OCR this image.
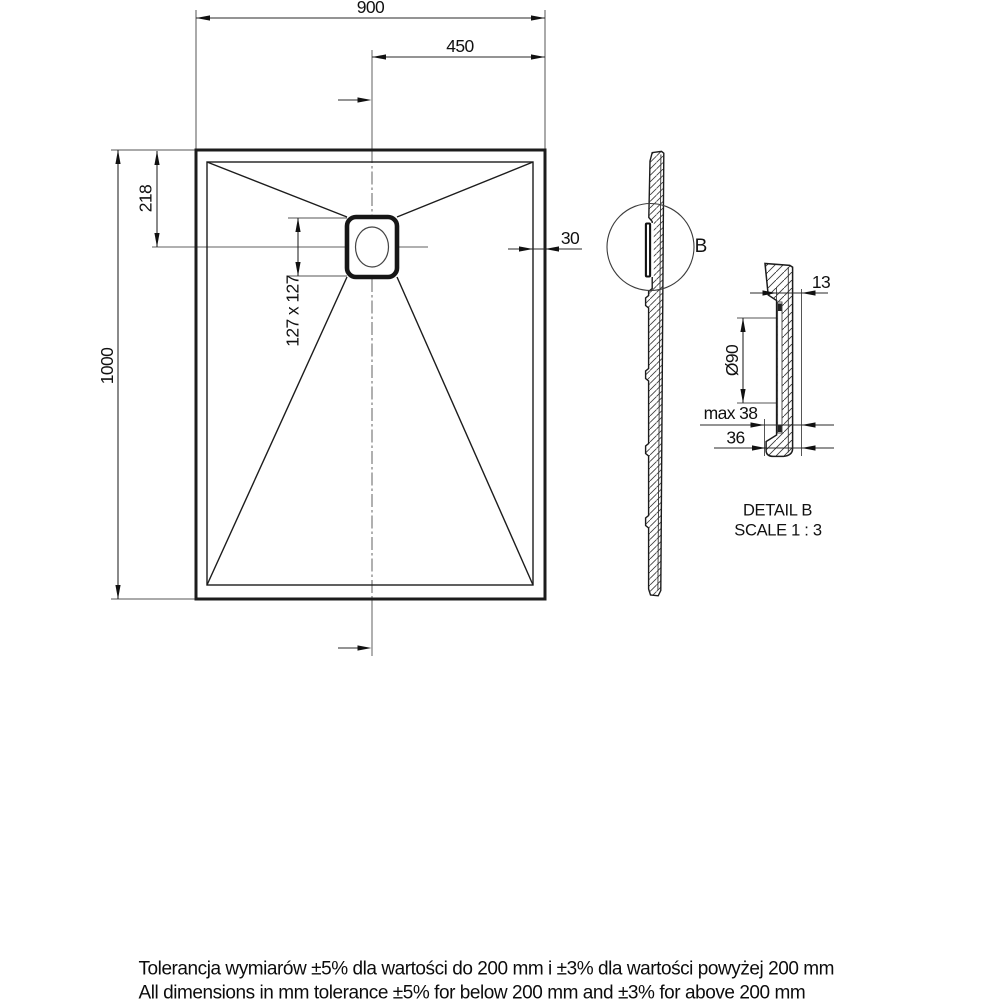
900
450
218
1000
127 x 127
30	B
13
Ø90
max 38
36
DETAIL B
SCALE 1 : 3
Tolerancja wymiarów ±5% dla wartości do 200 mm i ±3% dla wartości powyżej 200 mm
All dimensions in mm tolerance ±5% for below 200 mm and ±3% for above 200 mm
